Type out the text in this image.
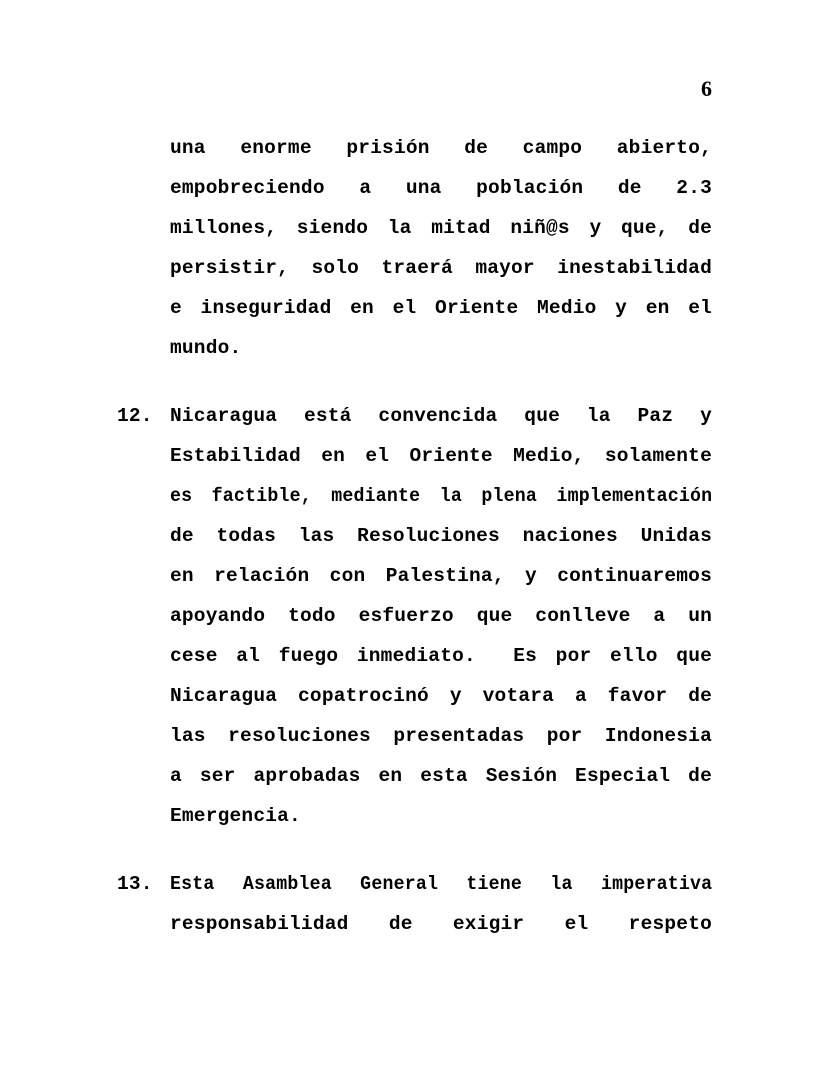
6
una enorme prisión de campo abierto,
empobreciendo a una población de 2.3
millones, siendo la mitad niñ@s y que, de
persistir, solo traerá mayor inestabilidad
e inseguridad en el Oriente Medio y en el
mundo.
12. Nicaragua está convencida que la Paz y
Estabilidad en el Oriente Medio, solamente
es factible, mediante la plena implementación
de todas las Resoluciones naciones Unidas
en relación con Palestina, y continuaremos
apoyando todo esfuerzo que conlleve a un
cese al fuego inmediato.  Es por ello que
Nicaragua copatrocinó y votara a favor de
las resoluciones presentadas por Indonesia
a ser aprobadas en esta Sesión Especial de
Emergencia.
13. Esta Asamblea General tiene la imperativa
responsabilidad de exigir el respeto
